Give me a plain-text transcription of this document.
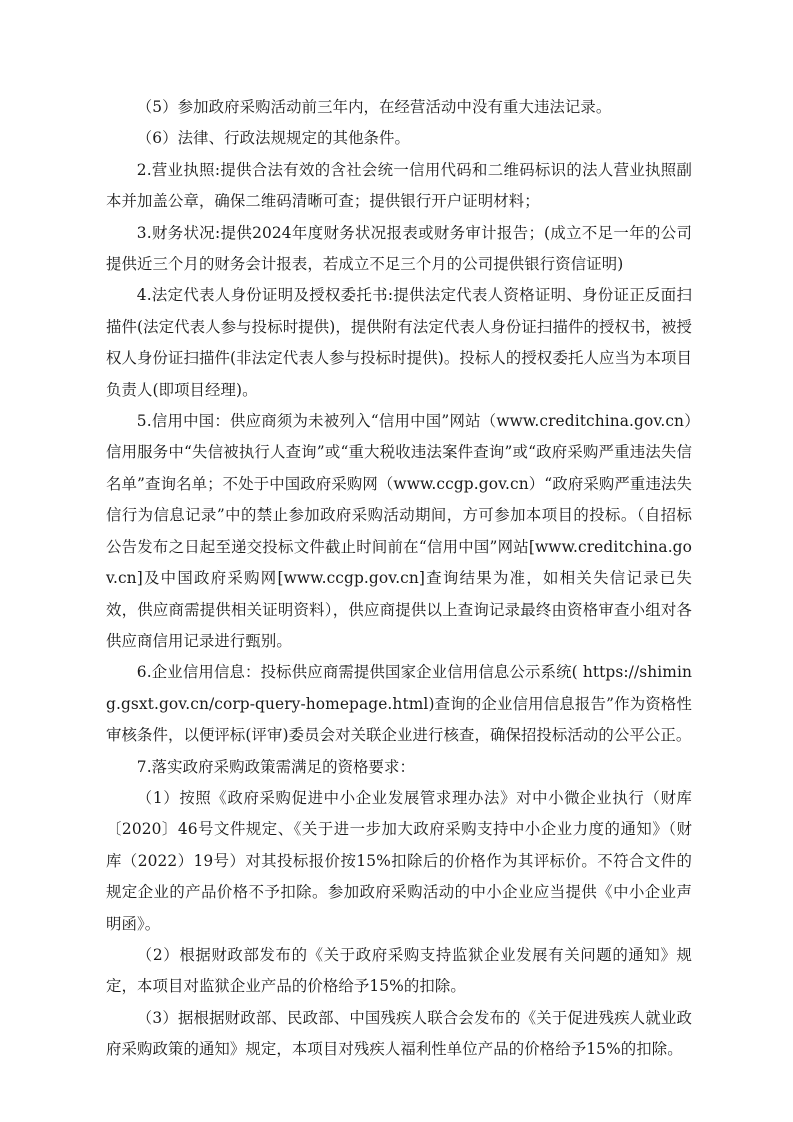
（5）参加政府采购活动前三年内，在经营活动中没有重大违法记录。

（6）法律、行政法规规定的其他条件。

2.营业执照:提供合法有效的含社会统一信用代码和二维码标识的法人营业执照副本并加盖公章，确保二维码清晰可查；提供银行开户证明材料；

3.财务状况:提供2024年度财务状况报表或财务审计报告；(成立不足一年的公司提供近三个月的财务会计报表，若成立不足三个月的公司提供银行资信证明)

4.法定代表人身份证明及授权委托书:提供法定代表人资格证明、身份证正反面扫描件(法定代表人参与投标时提供)，提供附有法定代表人身份证扫描件的授权书，被授权人身份证扫描件(非法定代表人参与投标时提供)。投标人的授权委托人应当为本项目负责人(即项目经理)。

5.信用中国：供应商须为未被列入“信用中国”网站（www.creditchina.gov.cn）信用服务中“失信被执行人查询”或“重大税收违法案件查询”或“政府采购严重违法失信名单”查询名单；不处于中国政府采购网（www.ccgp.gov.cn）“政府采购严重违法失信行为信息记录”中的禁止参加政府采购活动期间，方可参加本项目的投标。（自招标公告发布之日起至递交投标文件截止时间前在“信用中国”网站[www.creditchina.gov.cn]及中国政府采购网[www.ccgp.gov.cn]查询结果为准，如相关失信记录已失效，供应商需提供相关证明资料），供应商提供以上查询记录最终由资格审查小组对各供应商信用记录进行甄别。

6.企业信用信息：投标供应商需提供国家企业信用信息公示系统( https://shiming.gsxt.gov.cn/corp-query-homepage.html)查询的企业信用信息报告”作为资格性审核条件，以便评标(评审)委员会对关联企业进行核查，确保招投标活动的公平公正。

7.落实政府采购政策需满足的资格要求：

（1）按照《政府采购促进中小企业发展管求理办法》对中小微企业执行（财库〔2020〕46号文件规定、《关于进一步加大政府采购支持中小企业力度的通知》（财库（2022）19号）对其投标报价按15%扣除后的价格作为其评标价。不符合文件的规定企业的产品价格不予扣除。参加政府采购活动的中小企业应当提供《中小企业声明函》。

（2）根据财政部发布的《关于政府采购支持监狱企业发展有关问题的通知》规定，本项目对监狱企业产品的价格给予15%的扣除。

（3）据根据财政部、民政部、中国残疾人联合会发布的《关于促进残疾人就业政府采购政策的通知》规定，本项目对残疾人福利性单位产品的价格给予15%的扣除。
